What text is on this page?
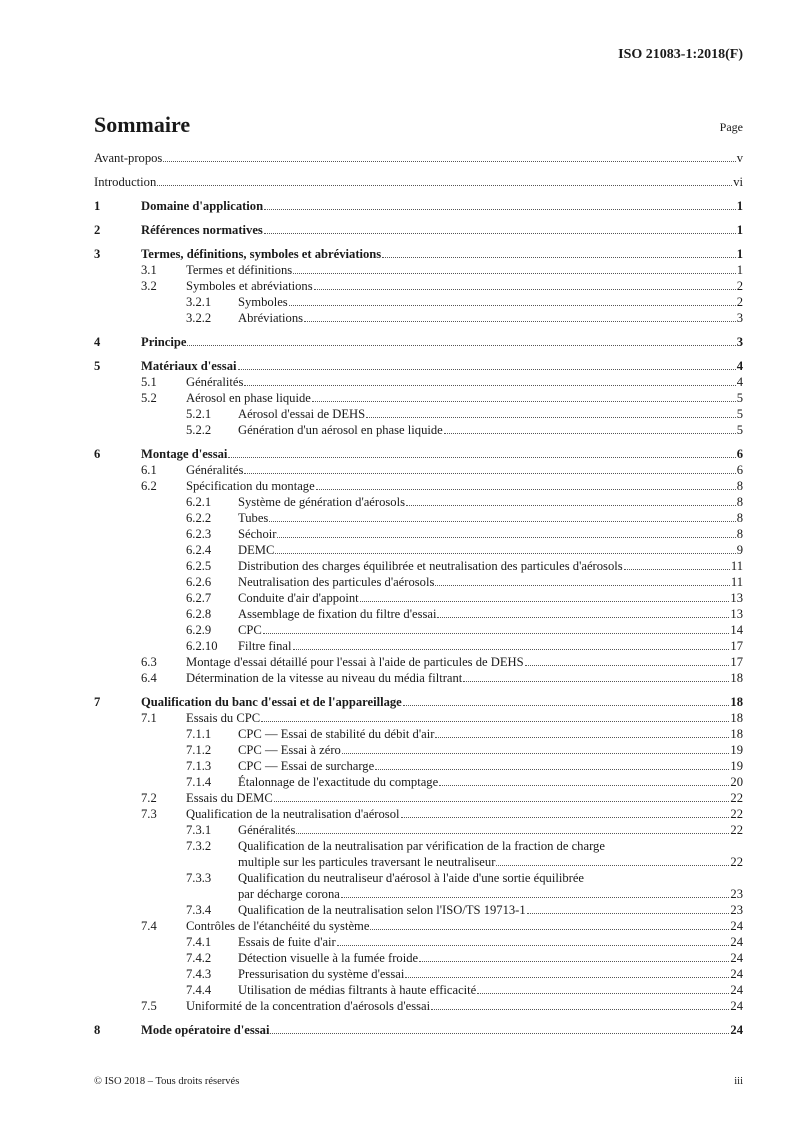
ISO 21083-1:2018(F)
Sommaire	Page
Avant-propos	v
Introduction	vi
1	Domaine d'application	1
2	Références normatives	1
3	Termes, définitions, symboles et abréviations	1
3.1 Termes et définitions	1
3.2 Symboles et abréviations	2
3.2.1 Symboles	2
3.2.2 Abréviations	3
4	Principe	3
5	Matériaux d'essai	4
5.1 Généralités	4
5.2 Aérosol en phase liquide	5
5.2.1 Aérosol d'essai de DEHS	5
5.2.2 Génération d'un aérosol en phase liquide	5
6	Montage d'essai	6
6.1 Généralités	6
6.2 Spécification du montage	8
6.2.1 Système de génération d'aérosols	8
6.2.2 Tubes	8
6.2.3 Séchoir	8
6.2.4 DEMC	9
6.2.5 Distribution des charges équilibrée et neutralisation des particules d'aérosols	11
6.2.6 Neutralisation des particules d'aérosols	11
6.2.7 Conduite d'air d'appoint	13
6.2.8 Assemblage de fixation du filtre d'essai	13
6.2.9 CPC	14
6.2.10 Filtre final	17
6.3 Montage d'essai détaillé pour l'essai à l'aide de particules de DEHS	17
6.4 Détermination de la vitesse au niveau du média filtrant	18
7	Qualification du banc d'essai et de l'appareillage	18
7.1 Essais du CPC	18
7.1.1 CPC — Essai de stabilité du débit d'air	18
7.1.2 CPC — Essai à zéro	19
7.1.3 CPC — Essai de surcharge	19
7.1.4 Étalonnage de l'exactitude du comptage	20
7.2 Essais du DEMC	22
7.3 Qualification de la neutralisation d'aérosol	22
7.3.1 Généralités	22
7.3.2 Qualification de la neutralisation par vérification de la fraction de charge
multiple sur les particules traversant le neutraliseur	22
7.3.3 Qualification du neutraliseur d'aérosol à l'aide d'une sortie équilibrée
par décharge corona	23
7.3.4 Qualification de la neutralisation selon l'ISO/TS 19713-1	23
7.4 Contrôles de l'étanchéité du système	24
7.4.1 Essais de fuite d'air	24
7.4.2 Détection visuelle à la fumée froide	24
7.4.3 Pressurisation du système d'essai	24
7.4.4 Utilisation de médias filtrants à haute efficacité	24
7.5 Uniformité de la concentration d'aérosols d'essai	24
8	Mode opératoire d'essai	24
© ISO 2018 – Tous droits réservés	iii
